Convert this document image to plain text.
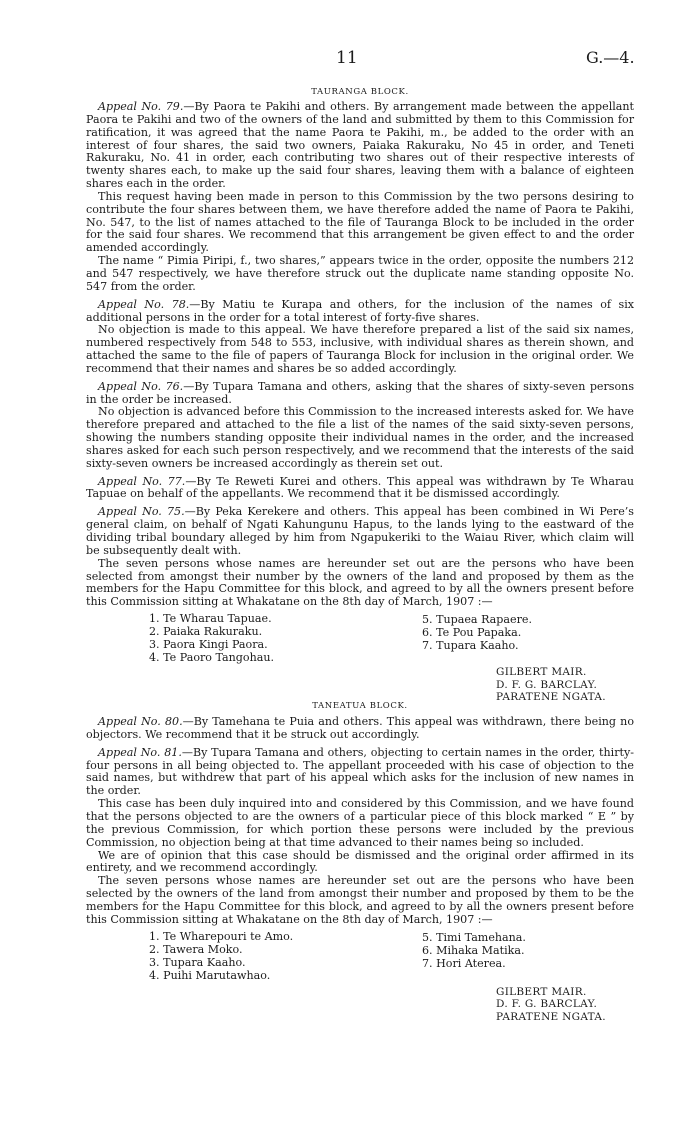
11	G.—4.
TAURANGA BLOCK.

Appeal No. 79.—By Paora te Pakihi and others. By arrangement made between the appellant Paora te Pakihi and two of the owners of the land and submitted by them to this Commission for ratification, it was agreed that the name Paora te Pakihi, m., be added to the order with an interest of four shares, the said two owners, Paiaka Rakuraku, No 45 in order, and Teneti Rakuraku, No. 41 in order, each contributing two shares out of their respective interests of twenty shares each, to make up the said four shares, leaving them with a balance of eighteen shares each in the order.

This request having been made in person to this Commission by the two persons desiring to contribute the four shares between them, we have therefore added the name of Paora te Pakihi, No. 547, to the list of names attached to the file of Tauranga Block to be included in the order for the said four shares. We recommend that this arrangement be given effect to and the order amended accordingly.

The name “ Pimia Piripi, f., two shares,” appears twice in the order, opposite the numbers 212 and 547 respectively, we have therefore struck out the duplicate name standing opposite No. 547 from the order.

Appeal No. 78.—By Matiu te Kurapa and others, for the inclusion of the names of six additional persons in the order for a total interest of forty-five shares.

No objection is made to this appeal. We have therefore prepared a list of the said six names, numbered respectively from 548 to 553, inclusive, with individual shares as therein shown, and attached the same to the file of papers of Tauranga Block for inclusion in the original order. We recommend that their names and shares be so added accordingly.

Appeal No. 76.—By Tupara Tamana and others, asking that the shares of sixty-seven persons in the order be increased.

No objection is advanced before this Commission to the increased interests asked for. We have therefore prepared and attached to the file a list of the names of the said sixty-seven persons, showing the numbers standing opposite their individual names in the order, and the increased shares asked for each such person respectively, and we recommend that the interests of the said sixty-seven owners be increased accordingly as therein set out.

Appeal No. 77.—By Te Reweti Kurei and others. This appeal was withdrawn by Te Wharau Tapuae on behalf of the appellants. We recommend that it be dismissed accordingly.

Appeal No. 75.—By Peka Kerekere and others. This appeal has been combined in Wi Pere’s general claim, on behalf of Ngati Kahungunu Hapus, to the lands lying to the eastward of the dividing tribal boundary alleged by him from Ngapukeriki to the Waiau River, which claim will be subsequently dealt with.

The seven persons whose names are hereunder set out are the persons who have been selected from amongst their number by the owners of the land and proposed by them as the members for the Hapu Committee for this block, and agreed to by all the owners present before this Commission sitting at Whakatane on the 8th day of March, 1907 :—

1. Te Wharau Tapuae.
2. Paiaka Rakuraku.
3. Paora Kingi Paora.
4. Te Paoro Tangohau.
5. Tupaea Rapaere.
6. Te Pou Papaka.
7. Tupara Kaaho.
GILBERT MAIR.
D. F. G. BARCLAY.
PARATENE NGATA.
TANEATUA BLOCK.

Appeal No. 80.—By Tamehana te Puia and others. This appeal was withdrawn, there being no objectors. We recommend that it be struck out accordingly.

Appeal No. 81.—By Tupara Tamana and others, objecting to certain names in the order, thirty-four persons in all being objected to. The appellant proceeded with his case of objection to the said names, but withdrew that part of his appeal which asks for the inclusion of new names in the order.

This case has been duly inquired into and considered by this Commission, and we have found that the persons objected to are the owners of a particular piece of this block marked “ E ” by the previous Commission, for which portion these persons were included by the previous Commission, no objection being at that time advanced to their names being so included.

We are of opinion that this case should be dismissed and the original order affirmed in its entirety, and we recommend accordingly.

The seven persons whose names are hereunder set out are the persons who have been selected by the owners of the land from amongst their number and proposed by them to be the members for the Hapu Committee for this block, and agreed to by all the owners present before this Commission sitting at Whakatane on the 8th day of March, 1907 :—

1. Te Wharepouri te Amo.
2. Tawera Moko.
3. Tupara Kaaho.
4. Puihi Marutawhao.
5. Timi Tamehana.
6. Mihaka Matika.
7. Hori Aterea.
GILBERT MAIR.
D. F. G. BARCLAY.
PARATENE NGATA.
